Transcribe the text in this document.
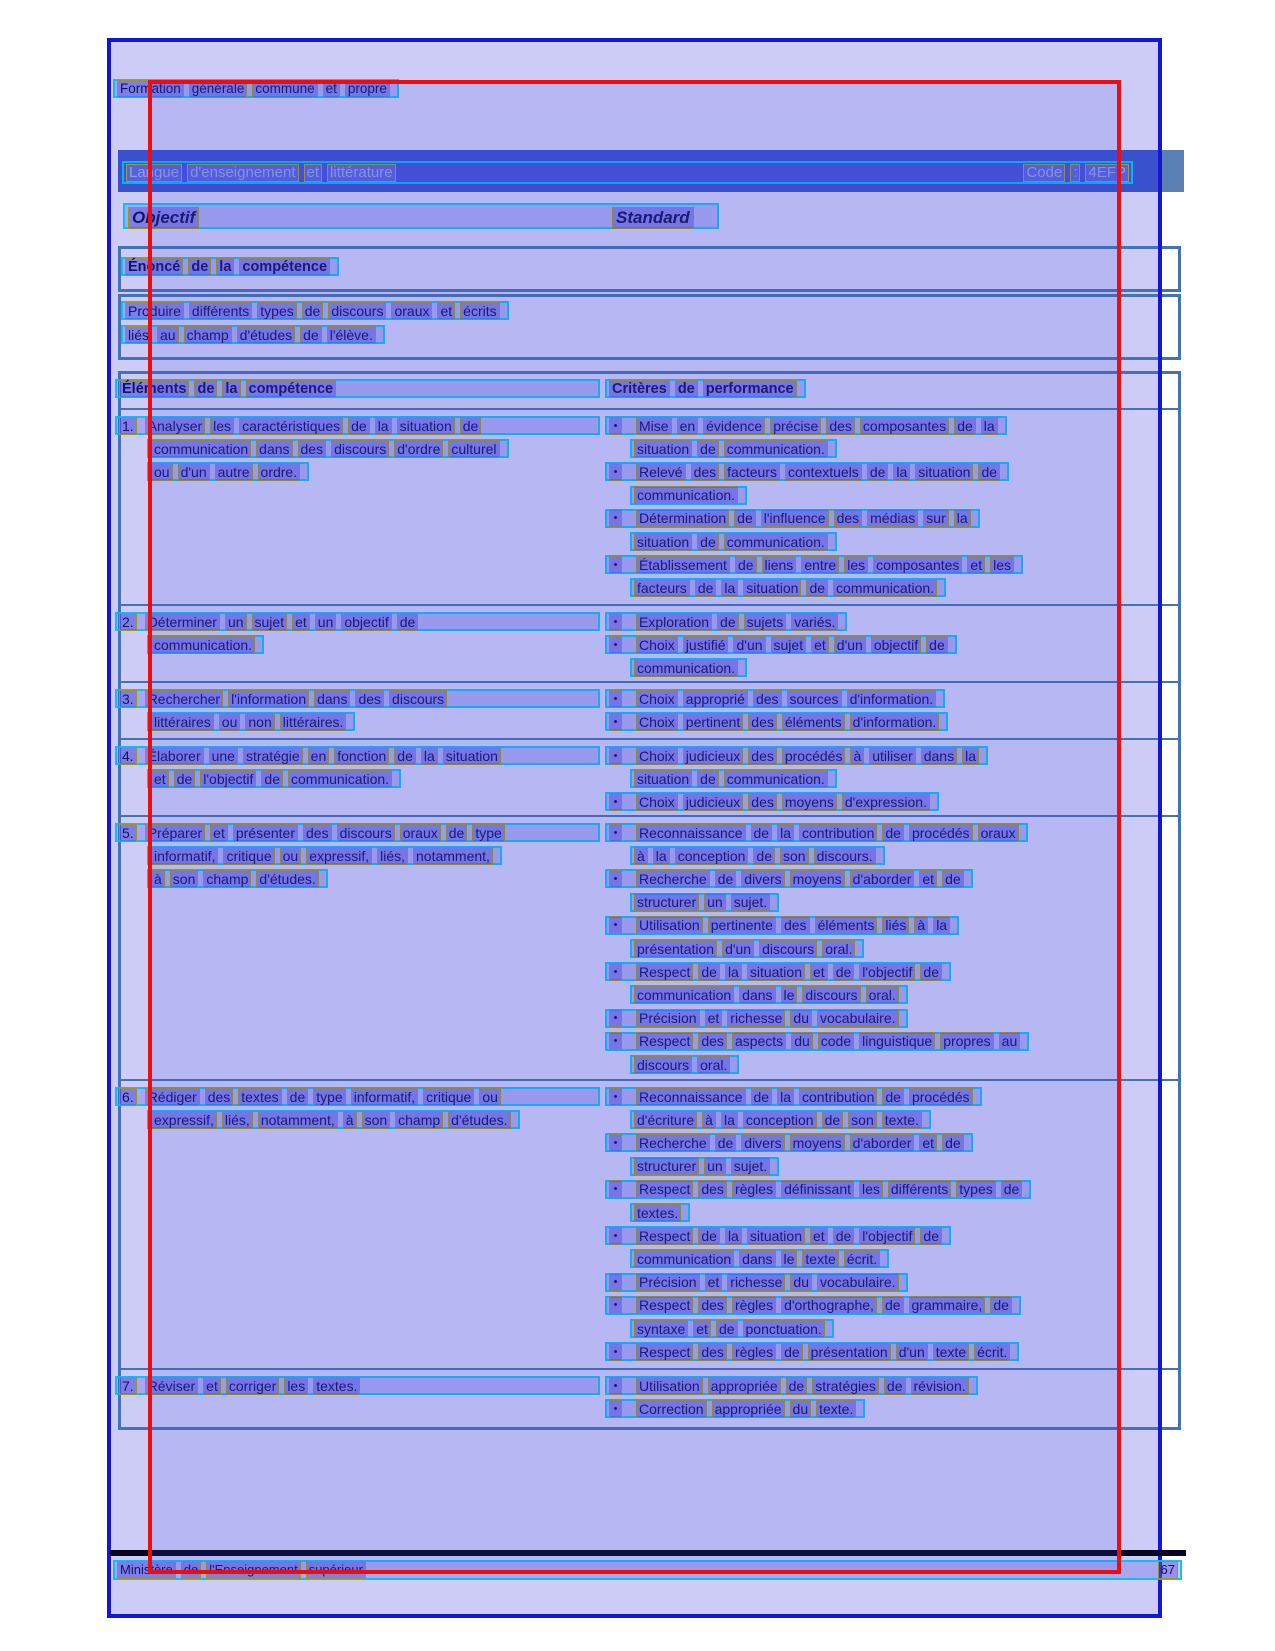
Langue d'enseignement et littérature	Code : 4EFP
Objectif	Standard
Ministère de l'Enseignement supérieur	67
Formation générale commune et propre
Énoncé de la compétence
Produire différents types de discours oraux et écrits
liés au champ d'études de l'élève.
Éléments de la compétence	Critères de performance
1. Analyser les caractéristiques de la situation de
communication dans des discours d'ordre culturel
ou d'un autre ordre.
•	Mise en évidence précise des composantes de la
situation de communication.
•	Relevé des facteurs contextuels de la situation de
communication.
•	Détermination de l'influence des médias sur la
situation de communication.
•	Établissement de liens entre les composantes et les
facteurs de la situation de communication.
2. Déterminer un sujet et un objectif de
communication.
•	Exploration de sujets variés.
•	Choix justifié d'un sujet et d'un objectif de
communication.
3. Rechercher l'information dans des discours
littéraires ou non littéraires.
•	Choix approprié des sources d'information.
•	Choix pertinent des éléments d'information.
4. Élaborer une stratégie en fonction de la situation
et de l'objectif de communication.
•	Choix judicieux des procédés à utiliser dans la
situation de communication.
•	Choix judicieux des moyens d'expression.
5. Préparer et présenter des discours oraux de type
informatif, critique ou expressif, liés, notamment,
à son champ d'études.
•	Reconnaissance de la contribution de procédés oraux
à la conception de son discours.
•	Recherche de divers moyens d'aborder et de
structurer un sujet.
•	Utilisation pertinente des éléments liés à la
présentation d'un discours oral.
•	Respect de la situation et de l'objectif de
communication dans le discours oral.
•	Précision et richesse du vocabulaire.
•	Respect des aspects du code linguistique propres au
discours oral.
6. Rédiger des textes de type informatif, critique ou
expressif, liés, notamment, à son champ d'études.
•	Reconnaissance de la contribution de procédés
d'écriture à la conception de son texte.
•	Recherche de divers moyens d'aborder et de
structurer un sujet.
•	Respect des règles définissant les différents types de
textes.
•	Respect de la situation et de l'objectif de
communication dans le texte écrit.
•	Précision et richesse du vocabulaire.
•	Respect des règles d'orthographe, de grammaire, de
syntaxe et de ponctuation.
•	Respect des règles de présentation d'un texte écrit.
7. Réviser et corriger les textes.	•	Utilisation appropriée de stratégies de révision.
•	Correction appropriée du texte.
